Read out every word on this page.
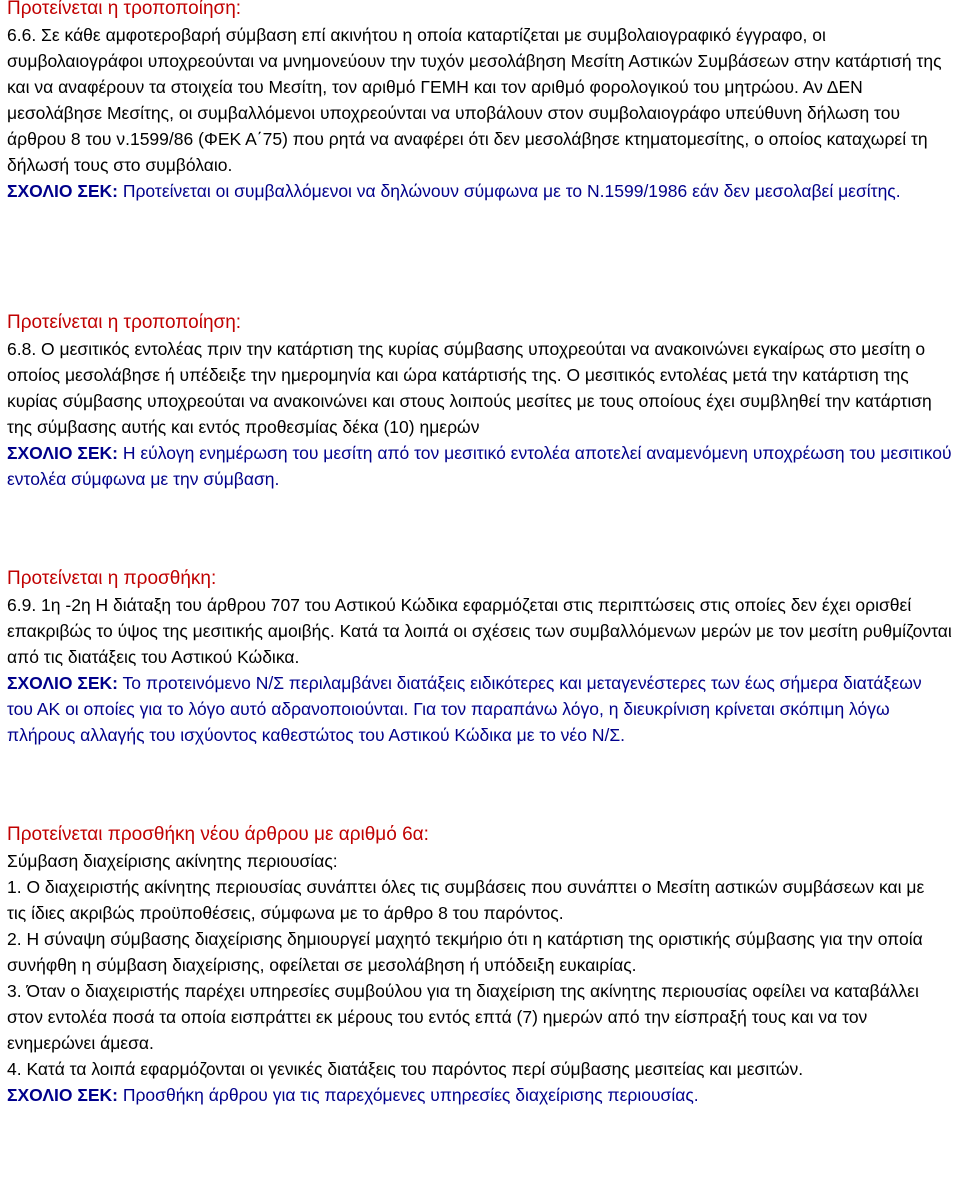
Προτείνεται η τροποποίηση:

6.6. Σε κάθε αμφοτεροβαρή σύμβαση επί ακινήτου η οποία καταρτίζεται με συμβολαιογραφικό έγγραφο, οι συμβολαιογράφοι υποχρεούνται να μνημονεύουν την τυχόν μεσολάβηση Μεσίτη Αστικών Συμβάσεων στην κατάρτισή της και να αναφέρουν τα στοιχεία του Μεσίτη, τον αριθμό ΓΕΜΗ και τον αριθμό φορολογικού του μητρώου. Αν ΔΕΝ μεσολάβησε Μεσίτης, οι συμβαλλόμενοι υποχρεούνται να υποβάλουν στον συμβολαιογράφο υπεύθυνη δήλωση του άρθρου 8 του ν.1599/86 (ΦΕΚ Α΄75) που ρητά να αναφέρει ότι δεν μεσολάβησε κτηματομεσίτης, ο οποίος καταχωρεί τη δήλωσή τους στο συμβόλαιο.

ΣΧΟΛΙΟ ΣΕΚ: Προτείνεται οι συμβαλλόμενοι να δηλώνουν σύμφωνα με το Ν.1599/1986 εάν δεν μεσολαβεί μεσίτης.

Προτείνεται η τροποποίηση:

6.8. Ο μεσιτικός εντολέας πριν την κατάρτιση της κυρίας σύμβασης υποχρεούται να ανακοινώνει εγκαίρως στο μεσίτη ο οποίος μεσολάβησε ή υπέδειξε την ημερομηνία και ώρα κατάρτισής της. Ο μεσιτικός εντολέας μετά την κατάρτιση της κυρίας σύμβασης υποχρεούται να ανακοινώνει και στους λοιπούς μεσίτες με τους οποίους έχει συμβληθεί την κατάρτιση της σύμβασης αυτής και εντός προθεσμίας δέκα (10) ημερών

ΣΧΟΛΙΟ ΣΕΚ: Η εύλογη ενημέρωση του μεσίτη από τον μεσιτικό εντολέα αποτελεί αναμενόμενη υποχρέωση του μεσιτικού εντολέα σύμφωνα με την σύμβαση.

Προτείνεται η προσθήκη:

6.9. 1η -2η Η διάταξη του άρθρου 707 του Αστικού Κώδικα εφαρμόζεται στις περιπτώσεις στις οποίες δεν έχει ορισθεί επακριβώς το ύψος της μεσιτικής αμοιβής. Κατά τα λοιπά οι σχέσεις των συμβαλλόμενων μερών με τον μεσίτη ρυθμίζονται από τις διατάξεις του Αστικού Κώδικα.

ΣΧΟΛΙΟ ΣΕΚ: Το προτεινόμενο Ν/Σ περιλαμβάνει διατάξεις ειδικότερες και μεταγενέστερες των έως σήμερα διατάξεων του ΑΚ οι οποίες για το λόγο αυτό αδρανοποιούνται. Για τον παραπάνω λόγο, η διευκρίνιση κρίνεται σκόπιμη λόγω πλήρους αλλαγής του ισχύοντος καθεστώτος του Αστικού Κώδικα με το νέο Ν/Σ.

Προτείνεται προσθήκη νέου άρθρου με αριθμό 6α:

Σύμβαση διαχείρισης ακίνητης περιουσίας:

1. Ο διαχειριστής ακίνητης περιουσίας συνάπτει όλες τις συμβάσεις που συνάπτει ο Μεσίτη αστικών συμβάσεων και με τις ίδιες ακριβώς προϋποθέσεις, σύμφωνα με το άρθρο 8 του παρόντος.

2. Η σύναψη σύμβασης διαχείρισης δημιουργεί μαχητό τεκμήριο ότι η κατάρτιση της οριστικής σύμβασης για την οποία συνήφθη η σύμβαση διαχείρισης, οφείλεται σε μεσολάβηση ή υπόδειξη ευκαιρίας.

3. Όταν ο διαχειριστής παρέχει υπηρεσίες συμβούλου για τη διαχείριση της ακίνητης περιουσίας οφείλει να καταβάλλει στον εντολέα ποσά τα οποία εισπράττει εκ μέρους του εντός επτά (7) ημερών από την είσπραξή τους και να τον ενημερώνει άμεσα.

4. Κατά τα λοιπά εφαρμόζονται οι γενικές διατάξεις του παρόντος περί σύμβασης μεσιτείας και μεσιτών.

ΣΧΟΛΙΟ ΣΕΚ: Προσθήκη άρθρου για τις παρεχόμενες υπηρεσίες διαχείρισης περιουσίας.
